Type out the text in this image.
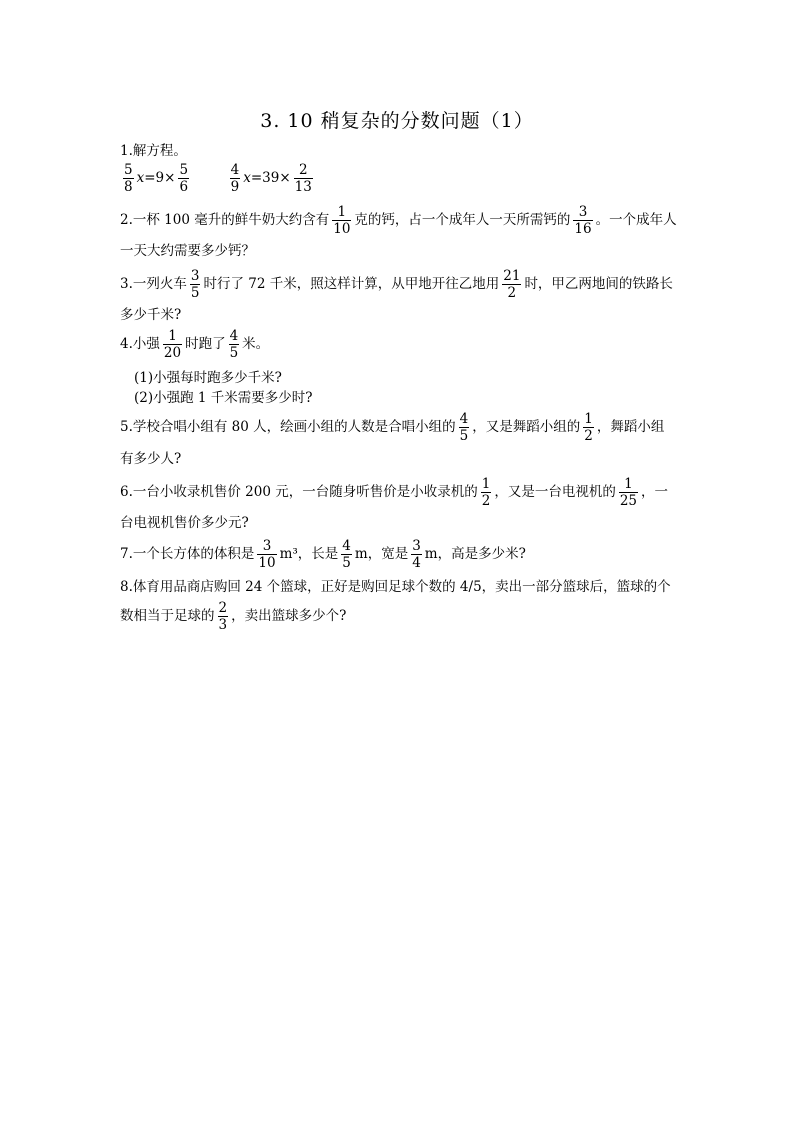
3. 10 稍复杂的分数问题（1）
1.解方程。
$\frac{5}{8} x=9\times \frac{5}{6}$
	$\frac{4}{9} x=39\times \frac{2}{13}$
2.一杯 100 毫升的鲜牛奶大约含有 $\frac{1}{10}$ 克的钙，占一个成年人一天所需钙的 $\frac{3}{16}$ 。一个成年人
一天大约需要多少钙？
3.一列火车 $\frac{3}{5}$ 时行了 72 千米，照这样计算，从甲地开往乙地用 $\frac{21}{2}$ 时，甲乙两地间的铁路长
多少千米?
4.小强 $\frac{1}{20}$ 时跑了 $\frac{4}{5}$ 米。
(1)小强每时跑多少千米?
(2)小强跑 1 千米需要多少时?
5.学校合唱小组有 80 人，绘画小组的人数是合唱小组的 $\frac{4}{5}$ ，又是舞蹈小组的 $\frac{1}{2}$ ，舞蹈小组
有多少人?
6.一台小收录机售价 200 元，一台随身听售价是小收录机的 $\frac{1}{2}$ ，又是一台电视机的 $\frac{1}{25}$ ，一
台电视机售价多少元?
7.一个长方体的体积是 $\frac{3}{10} m^3$，长是 $\frac{4}{5}$ m，宽是 $\frac{3}{4}$ m，高是多少米?
8.体育用品商店购回 24 个篮球，正好是购回足球个数的 4/5，卖出一部分篮球后，篮球的个
数相当于足球的 $\frac{2}{3}$ ，卖出篮球多少个?
